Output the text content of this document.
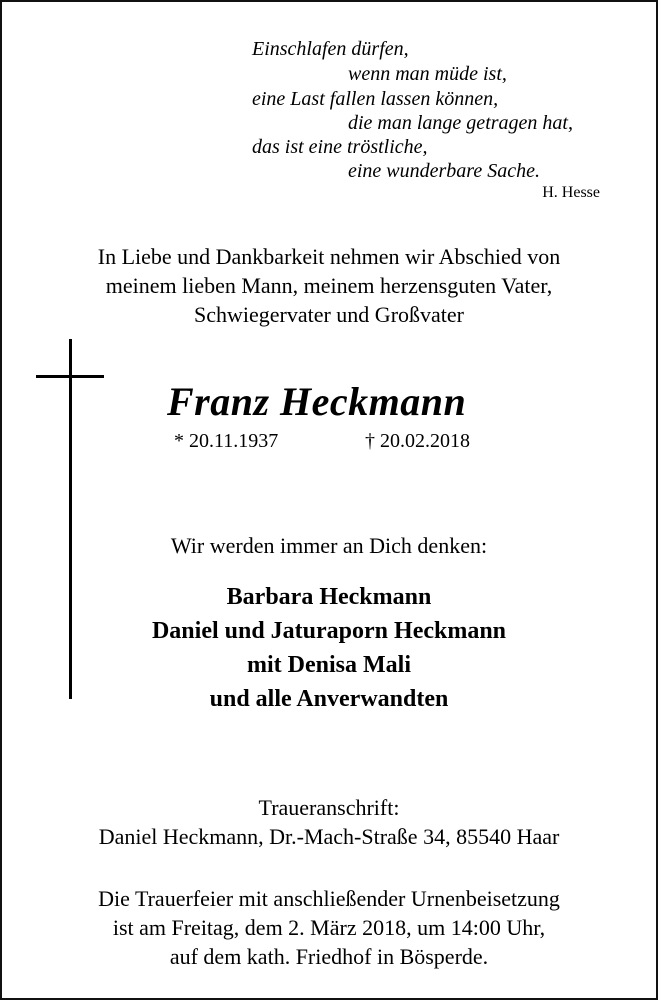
Einschlafen dürfen,
wenn man müde ist,
eine Last fallen lassen können,
die man lange getragen hat,
das ist eine tröstliche,
eine wunderbare Sache.
H. Hesse
In Liebe und Dankbarkeit nehmen wir Abschied von
meinem lieben Mann, meinem herzensguten Vater,
Schwiegervater und Großvater
Franz Heckmann
* 20.11.1937	† 20.02.2018
Wir werden immer an Dich denken:
Barbara Heckmann
Daniel und Jaturaporn Heckmann
mit Denisa Mali
und alle Anverwandten
Traueranschrift:
Daniel Heckmann, Dr.-Mach-Straße 34, 85540 Haar
Die Trauerfeier mit anschließender Urnenbeisetzung
ist am Freitag, dem 2. März 2018, um 14:00 Uhr,
auf dem kath. Friedhof in Bösperde.
